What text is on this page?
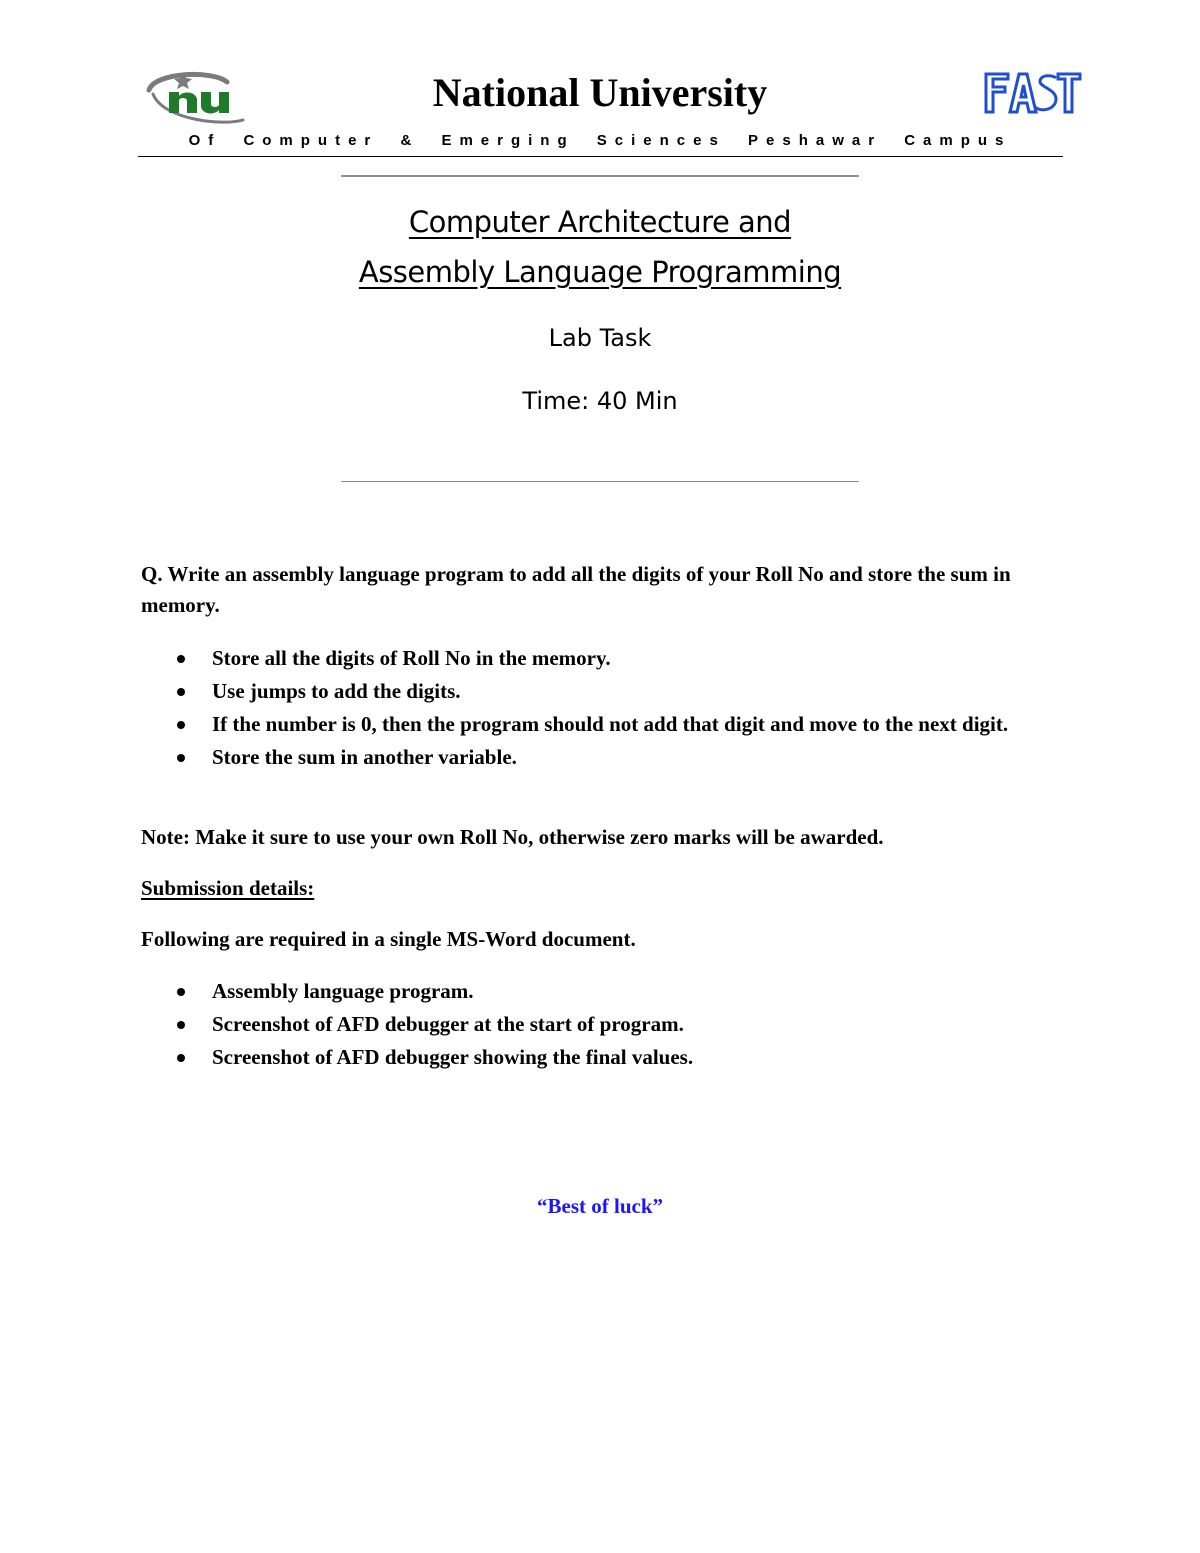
nu	National University	FAST
Of Computer & Emerging Sciences Peshawar Campus
Computer Architecture and
Assembly Language Programming
Lab Task
Time: 40 Min
Q. Write an assembly language program to add all the digits of your Roll No and store the sum in memory.
Store all the digits of Roll No in the memory.
Use jumps to add the digits.
If the number is 0, then the program should not add that digit and move to the next digit.
Store the sum in another variable.
Note: Make it sure to use your own Roll No, otherwise zero marks will be awarded.
Submission details:
Following are required in a single MS-Word document.
Assembly language program.
Screenshot of AFD debugger at the start of program.
Screenshot of AFD debugger showing the final values.
“Best of luck”
